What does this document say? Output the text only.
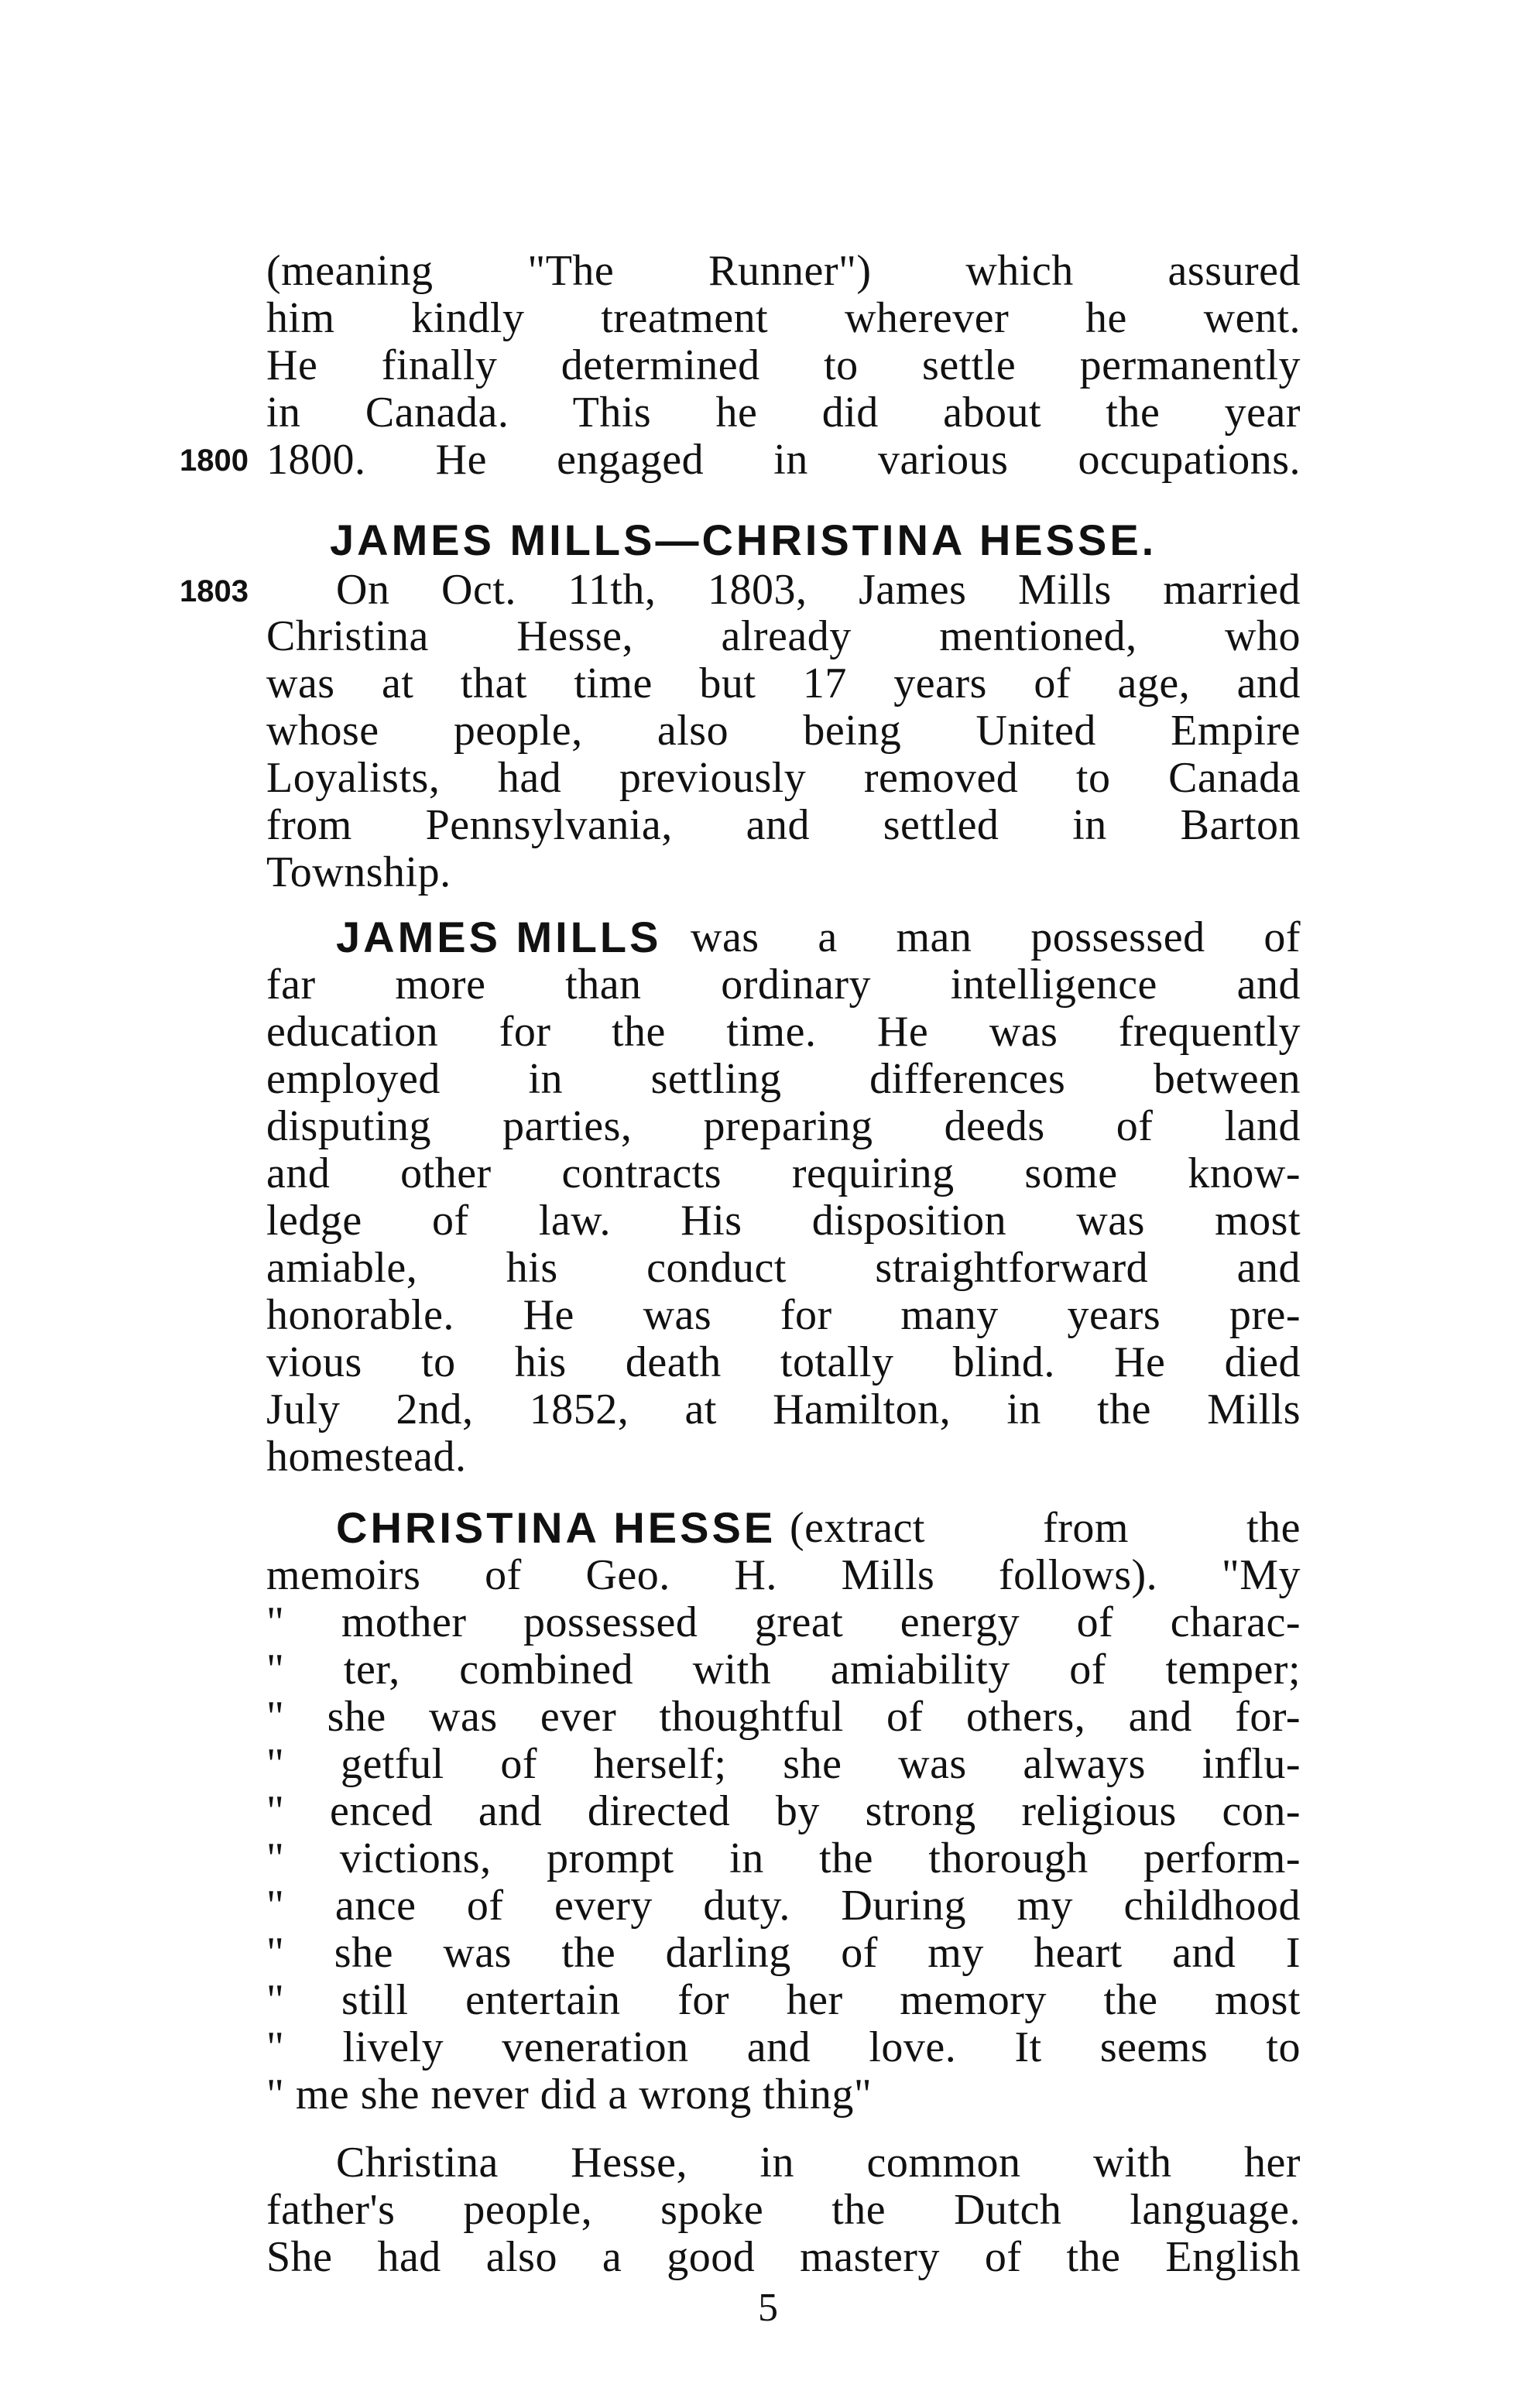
(meaning "The Runner") which assured
him kindly treatment wherever he went.
He finally determined to settle permanently
in Canada. This he did about the year
1800 1800. He engaged in various occupations.
JAMES MILLS—CHRISTINA HESSE.
1803 On Oct. 11th, 1803, James Mills married
Christina Hesse, already mentioned, who
was at that time but 17 years of age, and
whose people, also being United Empire
Loyalists, had previously removed to Canada
from Pennsylvania, and settled in Barton
Township.
JAMES MILLS was a man possessed of
far more than ordinary intelligence and
education for the time. He was frequently
employed in settling differences between
disputing parties, preparing deeds of land
and other contracts requiring some know-
ledge of law. His disposition was most
amiable, his conduct straightforward and
honorable. He was for many years pre-
vious to his death totally blind. He died
July 2nd, 1852, at Hamilton, in the Mills
homestead.
CHRISTINA HESSE (extract from the
memoirs of Geo. H. Mills follows). "My
" mother possessed great energy of charac-
" ter, combined with amiability of temper;
" she was ever thoughtful of others, and for-
" getful of herself; she was always influ-
" enced and directed by strong religious con-
" victions, prompt in the thorough perform-
" ance of every duty. During my childhood
" she was the darling of my heart and I
" still entertain for her memory the most
" lively veneration and love. It seems to
" me she never did a wrong thing"
Christina Hesse, in common with her
father's people, spoke the Dutch language.
She had also a good mastery of the English
5
